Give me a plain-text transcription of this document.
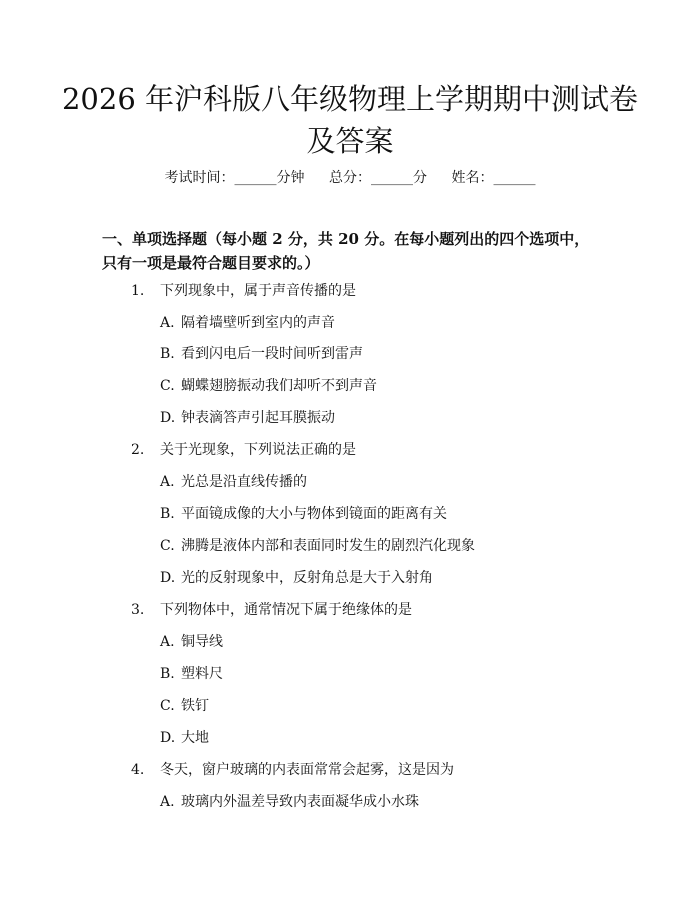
2026 年沪科版八年级物理上学期期中测试卷及答案
考试时间：______分钟 总分：______分 姓名：______

一、单项选择题（每小题 2 分，共 20 分。在每小题列出的四个选项中，只有一项是最符合题目要求的。）

1. 下列现象中，属于声音传播的是
A. 隔着墙壁听到室内的声音
B. 看到闪电后一段时间听到雷声
C. 蝴蝶翅膀振动我们却听不到声音
D. 钟表滴答声引起耳膜振动
2. 关于光现象，下列说法正确的是
A. 光总是沿直线传播的
B. 平面镜成像的大小与物体到镜面的距离有关
C. 沸腾是液体内部和表面同时发生的剧烈汽化现象
D. 光的反射现象中，反射角总是大于入射角
3. 下列物体中，通常情况下属于绝缘体的是
A. 铜导线
B. 塑料尺
C. 铁钉
D. 大地
4. 冬天，窗户玻璃的内表面常常会起雾，这是因为
A. 玻璃内外温差导致内表面凝华成小水珠
